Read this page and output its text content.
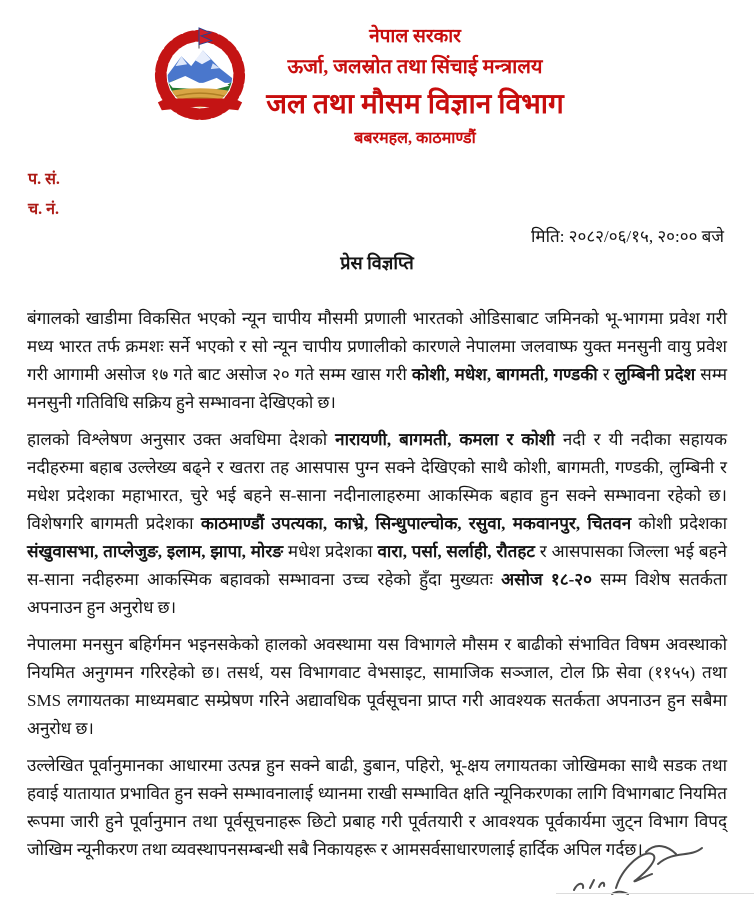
नेपाल सरकार
ऊर्जा, जलस्रोत तथा सिंचाई मन्त्रालय
जल तथा मौसम विज्ञान विभाग
बबरमहल, काठमाण्डौं
प. सं.
च. नं.
मिति: २०८२/०६/१५, २०:०० बजे
प्रेस विज्ञप्ति

बंगालको खाडीमा विकसित भएको न्यून चापीय मौसमी प्रणाली भारतको ओडिसाबाट जमिनको भू-भागमा प्रवेश गरी मध्य भारत तर्फ क्रमशः सर्ने भएको र सो न्यून चापीय प्रणालीको कारणले नेपालमा जलवाष्फ युक्त मनसुनी वायु प्रवेश गरी आगामी असोज १७ गते बाट असोज २० गते सम्म खास गरी कोशी, मधेश, बागमती, गण्डकी र लुम्बिनी प्रदेश सम्म मनसुनी गतिविधि सक्रिय हुने सम्भावना देखिएको छ।

हालको विश्लेषण अनुसार उक्त अवधिमा देशको नारायणी, बागमती, कमला र कोशी नदी र यी नदीका सहायक नदीहरुमा बहाब उल्लेख्य बढ्ने र खतरा तह आसपास पुग्न सक्ने देखिएको साथै कोशी, बागमती, गण्डकी, लुम्बिनी र मधेश प्रदेशका महाभारत, चुरे भई बहने स-साना नदीनालाहरुमा आकस्मिक बहाव हुन सक्ने सम्भावना रहेको छ। विशेषगरि बागमती प्रदेशका काठमाण्डौं उपत्यका, काभ्रे, सिन्धुपाल्चोक, रसुवा, मकवानपुर, चितवन कोशी प्रदेशका संखुवासभा, ताप्लेजुङ, इलाम, झापा, मोरङ मधेश प्रदेशका वारा, पर्सा, सर्लाही, रौतहट र आसपासका जिल्ला भई बहने स-साना नदीहरुमा आकस्मिक बहावको सम्भावना उच्च रहेको हुँदा मुख्यतः असोज १८-२० सम्म विशेष सतर्कता अपनाउन हुन अनुरोध छ।

नेपालमा मनसुन बहिर्गमन भइनसकेको हालको अवस्थामा यस विभागले मौसम र बाढीको संभावित विषम अवस्थाको नियमित अनुगमन गरिरहेको छ। तसर्थ, यस विभागवाट वेभसाइट, सामाजिक सञ्जाल, टोल फ्रि सेवा (११५५) तथा SMS लगायतका माध्यमबाट सम्प्रेषण गरिने अद्यावधिक पूर्वसूचना प्राप्त गरी आवश्यक सतर्कता अपनाउन हुन सबैमा अनुरोध छ।

उल्लेखित पूर्वानुमानका आधारमा उत्पन्न हुन सक्ने बाढी, डुबान, पहिरो, भू-क्षय लगायतका जोखिमका साथै सडक तथा हवाई यातायात प्रभावित हुन सक्ने सम्भावनालाई ध्यानमा राखी सम्भावित क्षति न्यूनिकरणका लागि विभागबाट नियमित रूपमा जारी हुने पूर्वानुमान तथा पूर्वसूचनाहरू छिटो प्रबाह गरी पूर्वतयारी र आवश्यक पूर्वकार्यमा जुट्न विभाग विपद् जोखिम न्यूनीकरण तथा व्यवस्थापनसम्बन्धी सबै निकायहरू र आमसर्वसाधारणलाई हार्दिक अपिल गर्दछ।
